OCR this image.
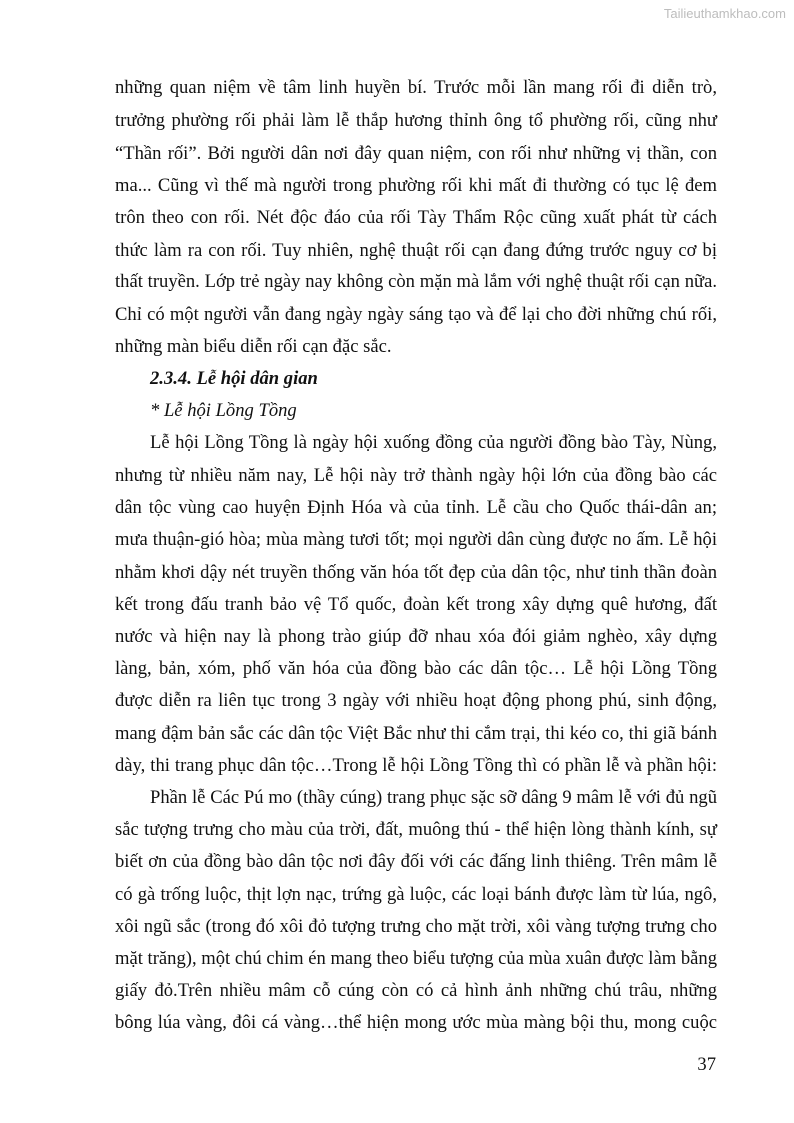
Tailieuthamkhao.com
những quan niệm về tâm linh huyền bí. Trước mỗi lần mang rối đi diễn trò,
trưởng phường rối phải làm lễ thắp hương thỉnh ông tổ phường rối, cũng như
“Thần rối”. Bởi người dân nơi đây quan niệm, con rối như những vị thần, con
ma... Cũng vì thế mà người trong phường rối khi mất đi thường có tục lệ đem
trôn theo con rối. Nét độc đáo của rối Tày Thẩm Rộc cũng xuất phát từ cách
thức làm ra con rối. Tuy nhiên, nghệ thuật rối cạn đang đứng trước nguy cơ bị
thất truyền. Lớp trẻ ngày nay không còn mặn mà lắm với nghệ thuật rối cạn nữa.
Chỉ có một người vẫn đang ngày ngày sáng tạo và để lại cho đời những chú rối,
những màn biểu diễn rối cạn đặc sắc.
2.3.4. Lễ hội dân gian
* Lễ hội Lồng Tồng
Lễ hội Lồng Tồng là ngày hội xuống đồng của người đồng bào Tày, Nùng,
nhưng từ nhiều năm nay, Lễ hội này trở thành ngày hội lớn của đồng bào các
dân tộc vùng cao huyện Định Hóa và của tỉnh. Lễ cầu cho Quốc thái-dân an;
mưa thuận-gió hòa; mùa màng tươi tốt; mọi người dân cùng được no ấm. Lễ hội
nhằm khơi dậy nét truyền thống văn hóa tốt đẹp của dân tộc, như tinh thần đoàn
kết trong đấu tranh bảo vệ Tổ quốc, đoàn kết trong xây dựng quê hương, đất
nước và hiện nay là phong trào giúp đỡ nhau xóa đói giảm nghèo, xây dựng
làng, bản, xóm, phố văn hóa của đồng bào các dân tộc… Lễ hội Lồng Tồng
được diễn ra liên tục trong 3 ngày với nhiều hoạt động phong phú, sinh động,
mang đậm bản sắc các dân tộc Việt Bắc như thi cắm trại, thi kéo co, thi giã bánh
dày, thi trang phục dân tộc…Trong lễ hội Lồng Tồng thì có phần lễ và phần hội:
Phần lễ Các Pú mo (thầy cúng) trang phục sặc sỡ dâng 9 mâm lễ với đủ ngũ
sắc tượng trưng cho màu của trời, đất, muông thú - thể hiện lòng thành kính, sự
biết ơn của đồng bào dân tộc nơi đây đối với các đấng linh thiêng. Trên mâm lễ
có gà trống luộc, thịt lợn nạc, trứng gà luộc, các loại bánh được làm từ lúa, ngô,
xôi ngũ sắc (trong đó xôi đỏ tượng trưng cho mặt trời, xôi vàng tượng trưng cho
mặt trăng), một chú chim én mang theo biểu tượng của mùa xuân được làm bằng
giấy đỏ.Trên nhiều mâm cỗ cúng còn có cả hình ảnh những chú trâu, những
bông lúa vàng, đôi cá vàng…thể hiện mong ước mùa màng bội thu, mong cuộc
37
